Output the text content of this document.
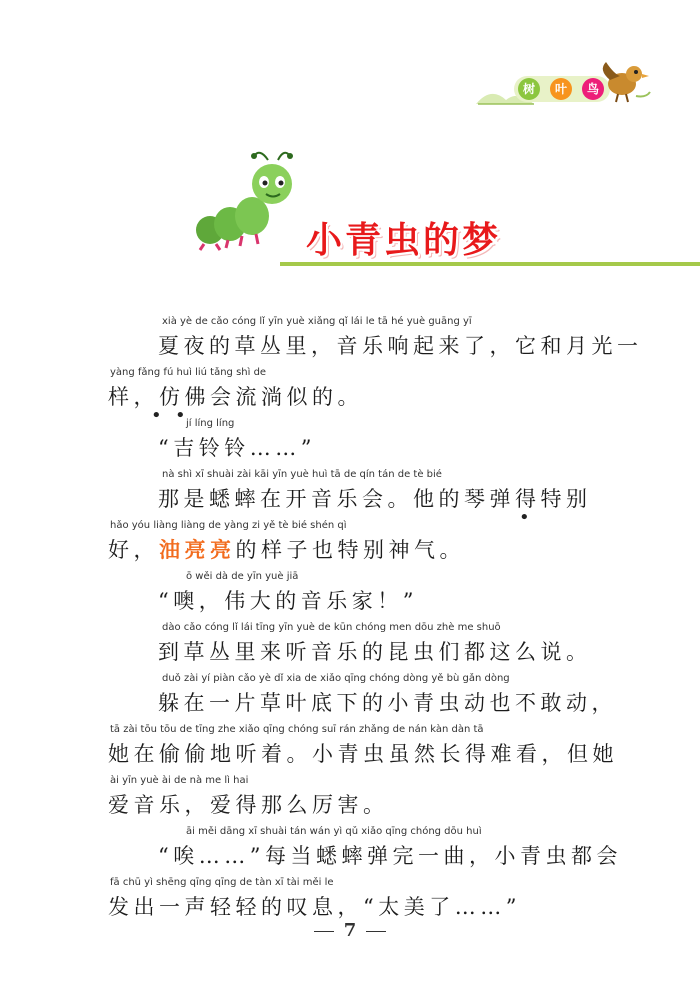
树	叶	鸟
小青虫的梦
xià yè de cǎo cóng lǐ yīn yuè xiǎng qǐ lái le tā hé yuè guāng yī
夏夜的草丛里，音乐响起来了，它和月光一
yàng fǎng fú huì liú tǎng shì de
样，仿佛会流淌似的。
• • jí líng líng
“吉铃铃……”
nà shì xī shuài zài kāi yīn yuè huì tā de qín tán de tè bié
那是蟋蟀在开音乐会。他的琴弹得特别
•
hǎo yóu liàng liàng de yàng zi yě tè bié shén qì
好，油亮亮的样子也特别神气。
ō wěi dà de yīn yuè jiā
“噢，伟大的音乐家！”
dào cǎo cóng lǐ lái tīng yīn yuè de kūn chóng men dōu zhè me shuō
到草丛里来听音乐的昆虫们都这么说。
duǒ zài yí piàn cǎo yè dǐ xia de xiǎo qīng chóng dòng yě bù gǎn dòng
躲在一片草叶底下的小青虫动也不敢动，
tā zài tōu tōu de tīng zhe xiǎo qīng chóng suī rán zhǎng de nán kàn dàn tā
她在偷偷地听着。小青虫虽然长得难看，但她
ài yīn yuè ài de nà me lì hai
爱音乐，爱得那么厉害。
āi měi dāng xī shuài tán wán yì qǔ xiǎo qīng chóng dōu huì
“唉……”每当蟋蟀弹完一曲，小青虫都会
fā chū yì shēng qīng qīng de tàn xī tài měi le
发出一声轻轻的叹息，“太美了……”
7
